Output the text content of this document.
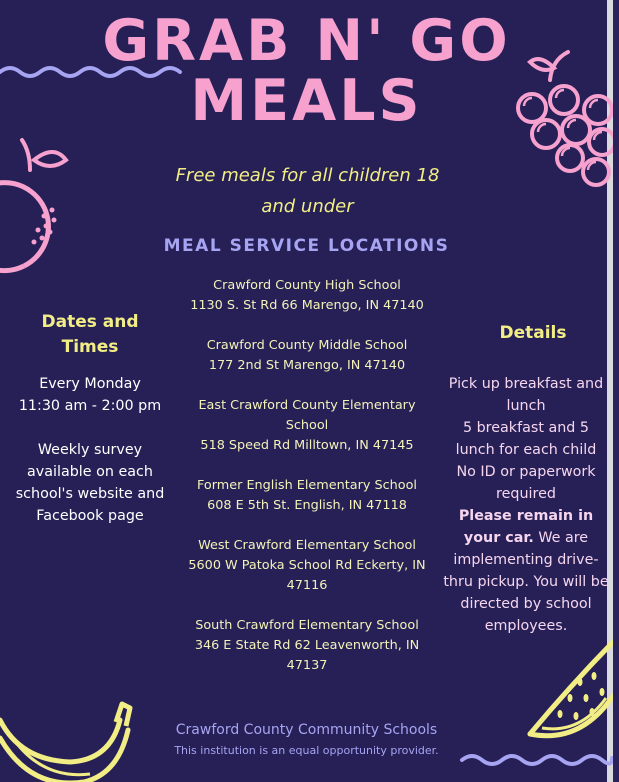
GRAB N' GO
MEALS
Free meals for all children 18
and under
MEAL SERVICE LOCATIONS
Crawford County High School
1130 S. St Rd 66 Marengo, IN 47140
Crawford County Middle School
177 2nd St Marengo, IN 47140
East Crawford County Elementary School
518 Speed Rd Milltown, IN 47145
Former English Elementary School
608 E 5th St. English, IN 47118
West Crawford Elementary School
5600 W Patoka School Rd Eckerty, IN 47116
South Crawford Elementary School
346 E State Rd 62 Leavenworth, IN 47137
Dates and Times
Every Monday
11:30 am - 2:00 pm
Weekly survey available on each school's website and Facebook page
Details
Pick up breakfast and lunch
5 breakfast and 5 lunch for each child
No ID or paperwork required
Please remain in your car. We are implementing drive-thru pickup. You will be directed by school employees.
Crawford County Community Schools
This institution is an equal opportunity provider.
